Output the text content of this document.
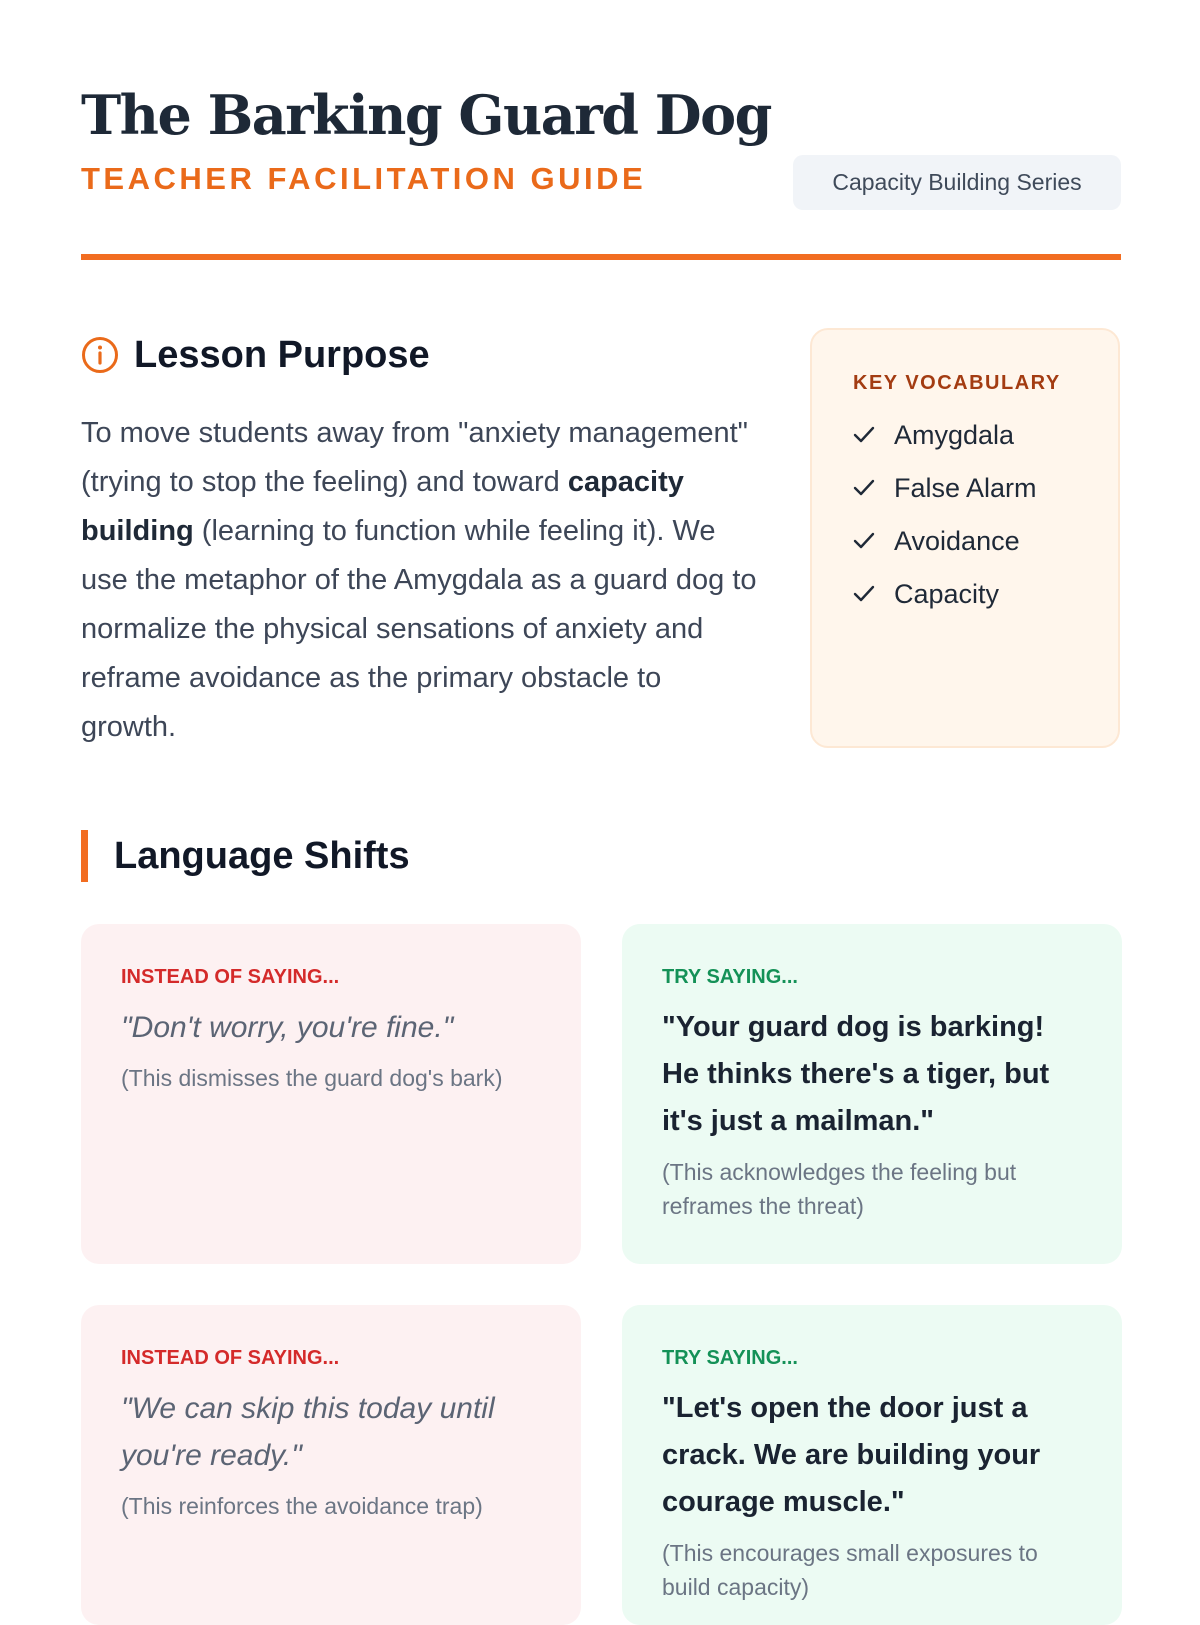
The Barking Guard Dog
TEACHER FACILITATION GUIDE	Capacity Building Series
Lesson Purpose

To move students away from "anxiety management" (trying to stop the feeling) and toward capacity building (learning to function while feeling it). We use the metaphor of the Amygdala as a guard dog to normalize the physical sensations of anxiety and reframe avoidance as the primary obstacle to growth.

KEY VOCABULARY
Amygdala
False Alarm
Avoidance
Capacity
Language Shifts
INSTEAD OF SAYING...
"Don't worry, you're fine."
(This dismisses the guard dog's bark)
TRY SAYING...
"Your guard dog is barking! He thinks there's a tiger, but it's just a mailman."
(This acknowledges the feeling but reframes the threat)
INSTEAD OF SAYING...
"We can skip this today until you're ready."
(This reinforces the avoidance trap)
TRY SAYING...
"Let's open the door just a crack. We are building your courage muscle."
(This encourages small exposures to build capacity)
